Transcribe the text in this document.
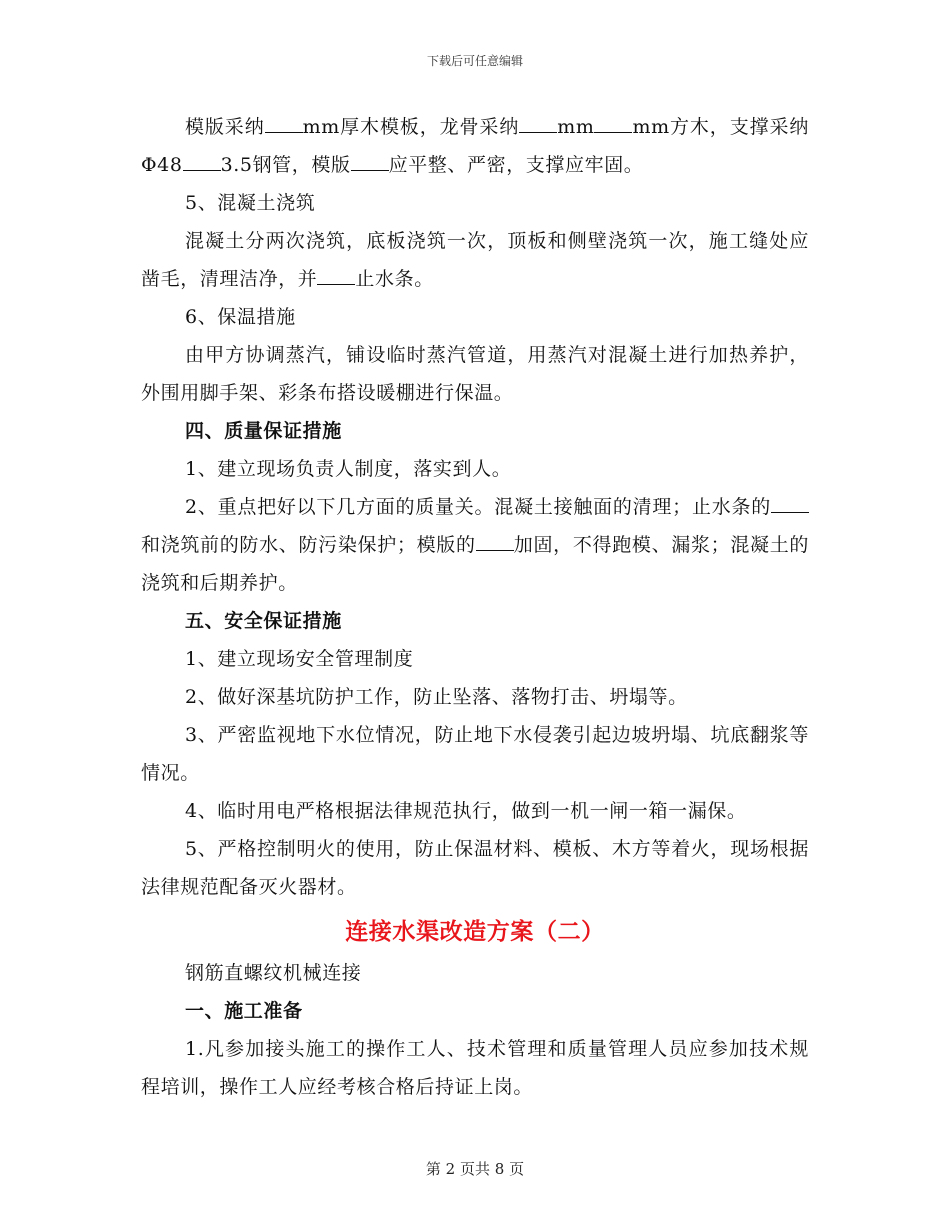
下载后可任意编辑

模版采纳 mm厚木模板，龙骨采纳 mm mm方木，支撑采纳Φ48 3.5钢管，模版 应平整、严密，支撑应牢固。

5、混凝土浇筑

混凝土分两次浇筑，底板浇筑一次，顶板和侧壁浇筑一次，施工缝处应凿毛，清理洁净，并 止水条。

6、保温措施

由甲方协调蒸汽，铺设临时蒸汽管道，用蒸汽对混凝土进行加热养护，外围用脚手架、彩条布搭设暖棚进行保温。

四、质量保证措施

1、建立现场负责人制度，落实到人。

2、重点把好以下几方面的质量关。混凝土接触面的清理；止水条的和浇筑前的防水、防污染保护；模版的 加固，不得跑模、漏浆；混凝土的浇筑和后期养护。

五、安全保证措施

1、建立现场安全管理制度

2、做好深基坑防护工作，防止坠落、落物打击、坍塌等。

3、严密监视地下水位情况，防止地下水侵袭引起边坡坍塌、坑底翻浆等情况。

4、临时用电严格根据法律规范执行，做到一机一闸一箱一漏保。

5、严格控制明火的使用，防止保温材料、模板、木方等着火，现场根据法律规范配备灭火器材。

连接水渠改造方案（二）

钢筋直螺纹机械连接

一、施工准备

1.凡参加接头施工的操作工人、技术管理和质量管理人员应参加技术规程培训，操作工人应经考核合格后持证上岗。

第 2 页共 8 页
